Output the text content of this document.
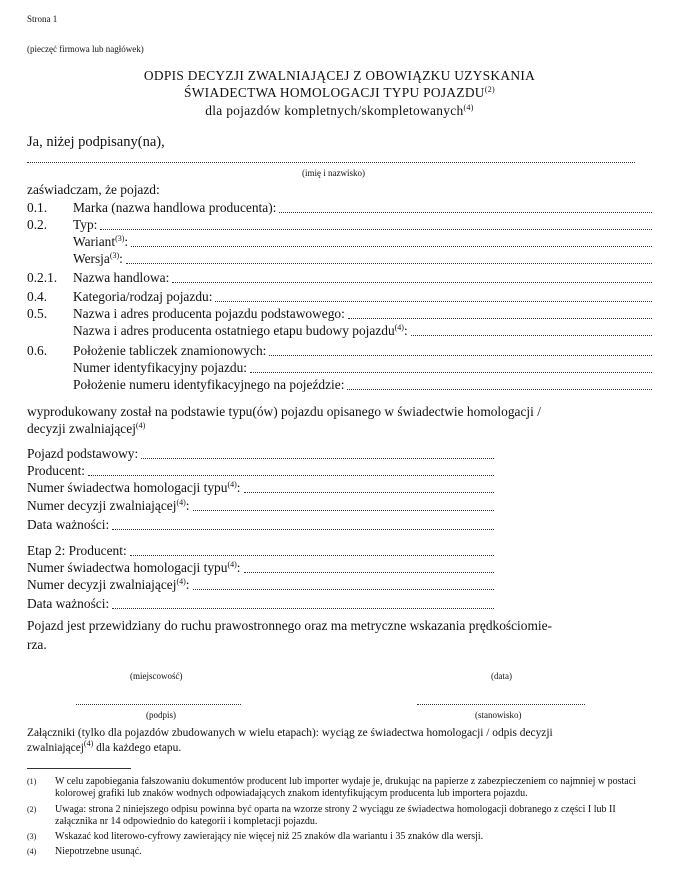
Strona 1
(pieczęć firmowa lub nagłówek)
ODPIS DECYZJI ZWALNIAJĄCEJ Z OBOWIĄZKU UZYSKANIA
ŚWIADECTWA HOMOLOGACJI TYPU POJAZDU$^{(2)}$
dla pojazdów kompletnych/skompletowanych$^{(4)}$
Ja, niżej podpisany(na),
(imię i nazwisko)
zaświadczam, że pojazd:
0.1. Marka (nazwa handlowa producenta):
0.2. Typ:
Wariant$^{(3)}$:
Wersja$^{(3)}$:
0.2.1. Nazwa handlowa:
0.4. Kategoria/rodzaj pojazdu:
0.5. Nazwa i adres producenta pojazdu podstawowego:
Nazwa i adres producenta ostatniego etapu budowy pojazdu$^{(4)}$:
0.6. Położenie tabliczek znamionowych:
Numer identyfikacyjny pojazdu:
Położenie numeru identyfikacyjnego na pojeździe:
wyprodukowany został na podstawie typu(ów) pojazdu opisanego w świadectwie homologacji /
decyzji zwalniającej$^{(4)}$
Pojazd podstawowy:
Producent:
Numer świadectwa homologacji typu$^{(4)}$:
Numer decyzji zwalniającej$^{(4)}$:
Data ważności:
Etap 2: Producent:
Numer świadectwa homologacji typu$^{(4)}$:
Numer decyzji zwalniającej$^{(4)}$:
Data ważności:
Pojazd jest przewidziany do ruchu prawostronnego oraz ma metryczne wskazania prędkościomie-
rza.
(miejscowość)	(data)
(podpis)	(stanowisko)
Załączniki (tylko dla pojazdów zbudowanych w wielu etapach): wyciąg ze świadectwa homologacji / odpis decyzji
zwalniającej$^{(4)}$ dla każdego etapu.
(1)	W celu zapobiegania fałszowaniu dokumentów producent lub importer wydaje je, drukując na papierze z zabezpieczeniem co najmniej w postaci kolorowej grafiki lub znaków wodnych odpowiadających znakom identyfikującym producenta lub importera pojazdu.
(2)	Uwaga: strona 2 niniejszego odpisu powinna być oparta na wzorze strony 2 wyciągu ze świadectwa homologacji dobranego z części I lub II załącznika nr 14 odpowiednio do kategorii i kompletacji pojazdu.
(3)	Wskazać kod literowo-cyfrowy zawierający nie więcej niż 25 znaków dla wariantu i 35 znaków dla wersji.
(4)	Niepotrzebne usunąć.
